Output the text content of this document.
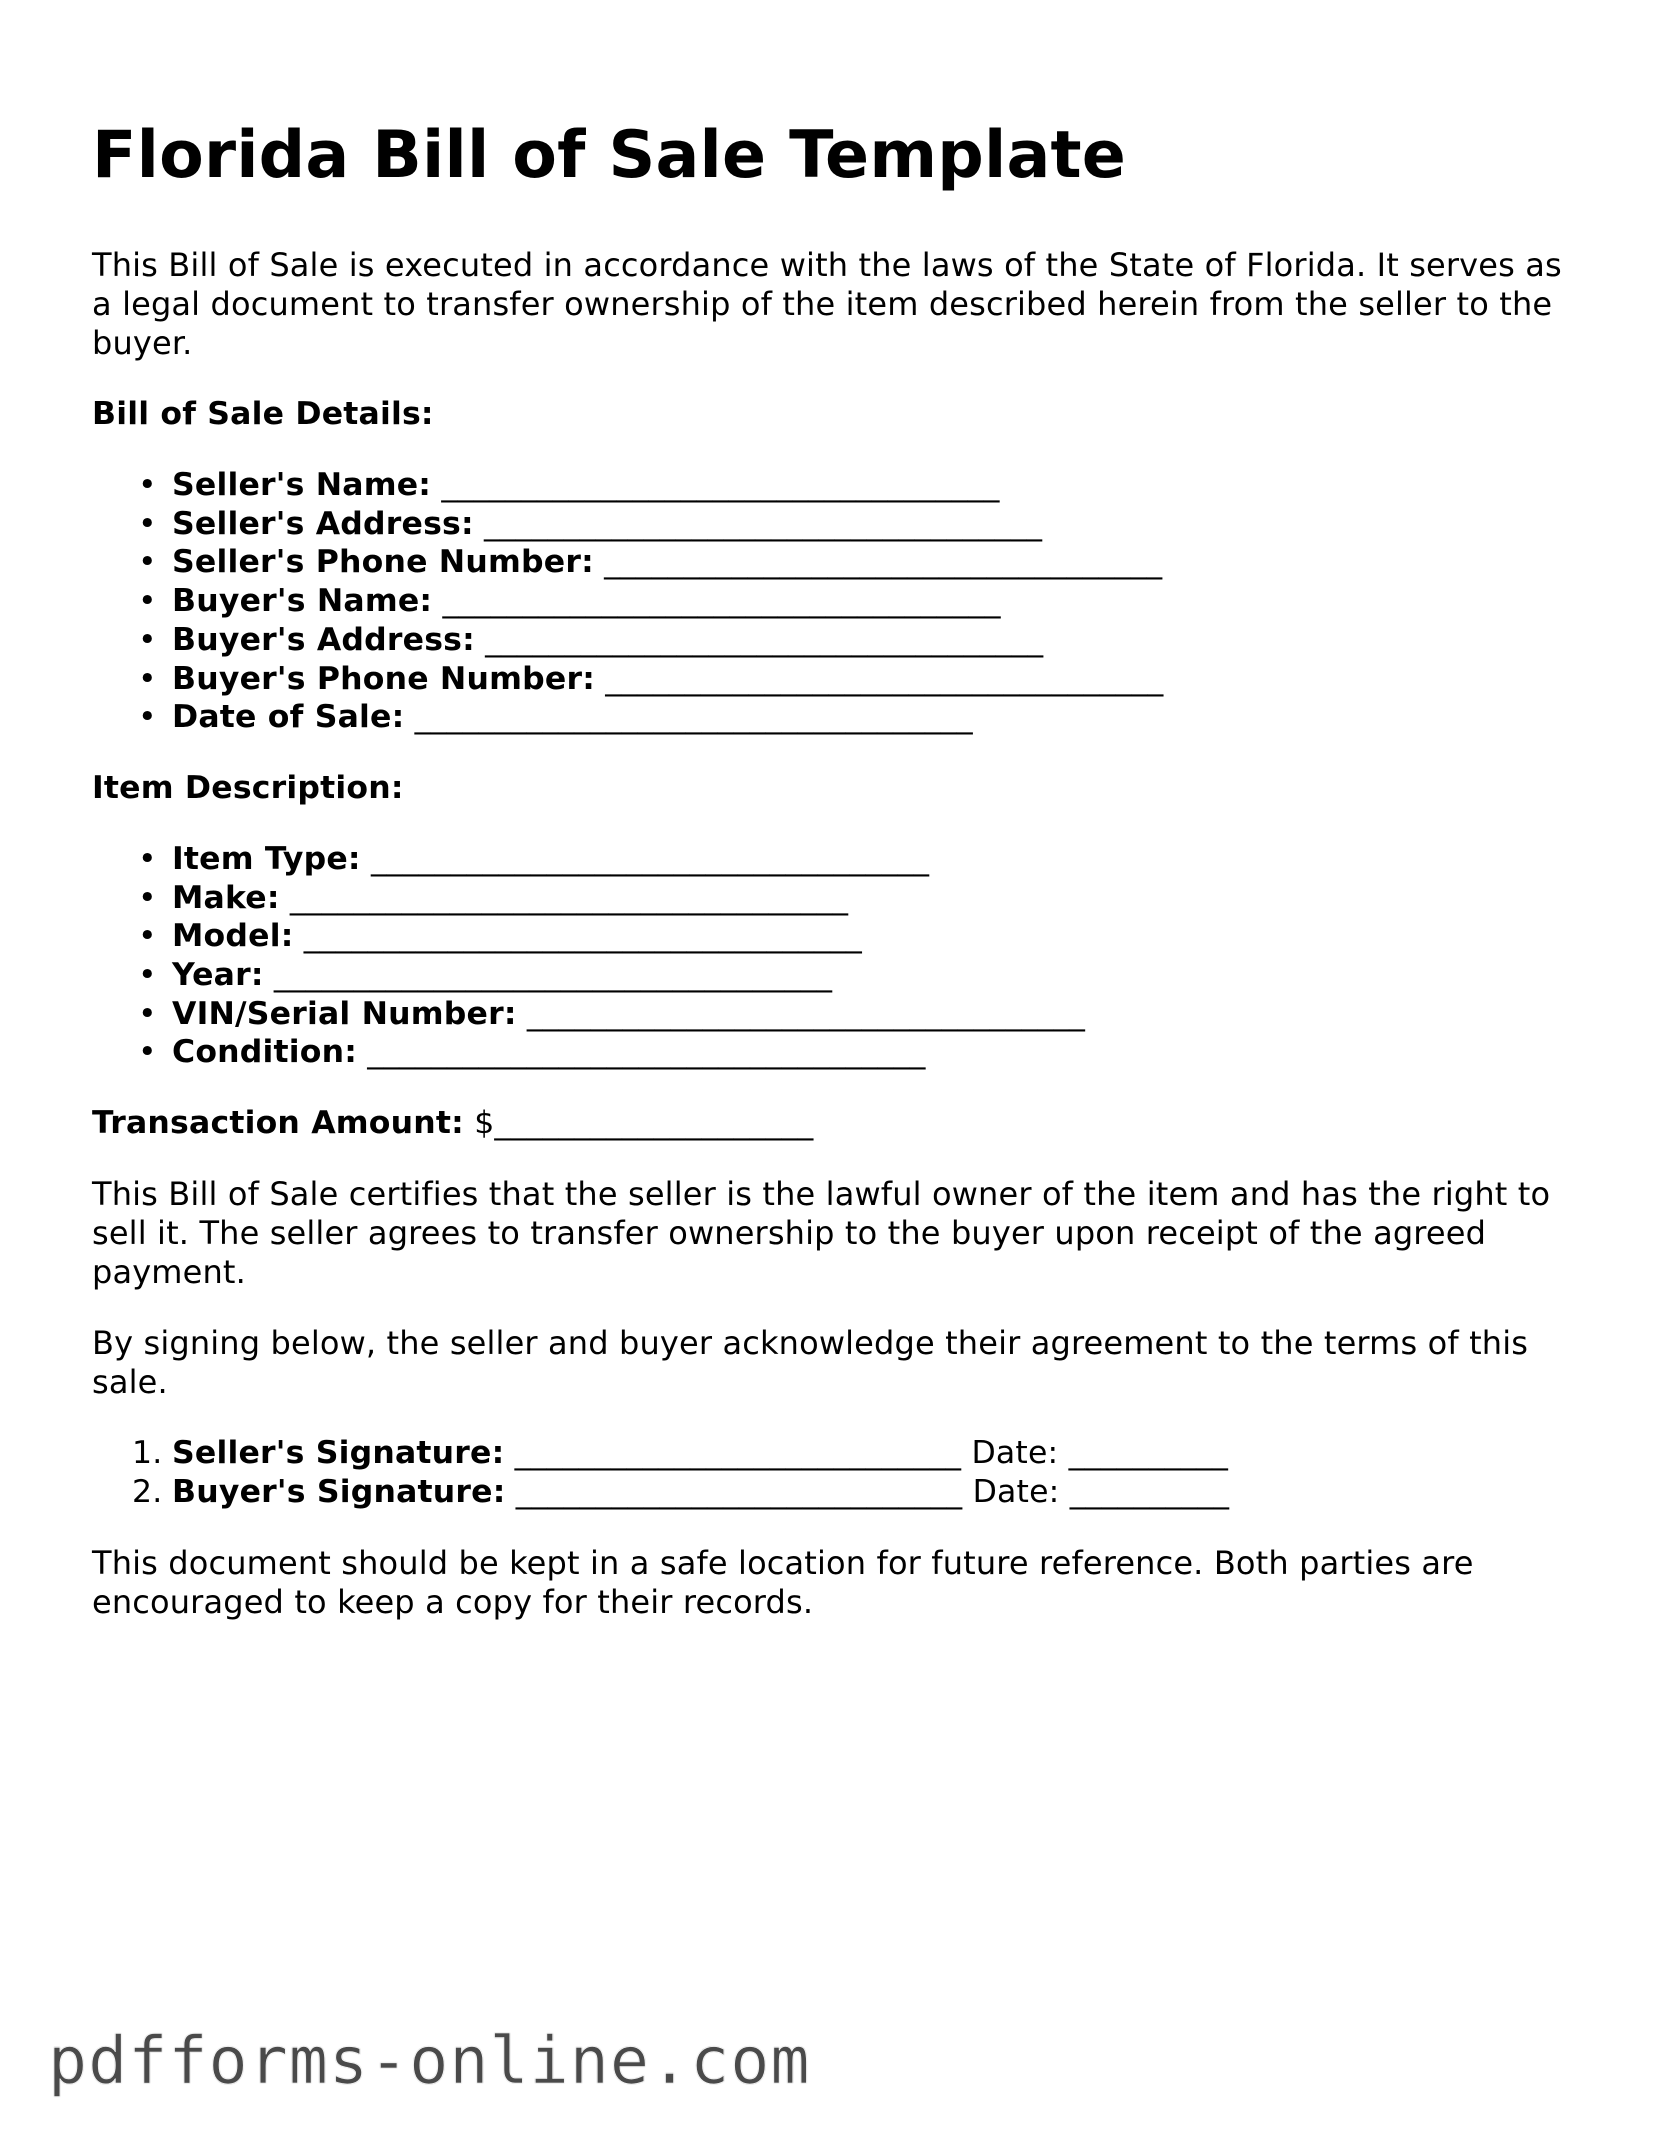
Florida Bill of Sale Template

This Bill of Sale is executed in accordance with the laws of the State of Florida. It serves as a legal document to transfer ownership of the item described herein from the seller to the buyer.

Bill of Sale Details:
• Seller's Name: ___________________________________
• Seller's Address: ___________________________________
• Seller's Phone Number: ___________________________________
• Buyer's Name: ___________________________________
• Buyer's Address: ___________________________________
• Buyer's Phone Number: ___________________________________
• Date of Sale: ___________________________________
Item Description:
• Item Type: ___________________________________
• Make: ___________________________________
• Model: ___________________________________
• Year: ___________________________________
• VIN/Serial Number: ___________________________________
• Condition: ___________________________________
Transaction Amount: $____________________

This Bill of Sale certifies that the seller is the lawful owner of the item and has the right to sell it. The seller agrees to transfer ownership to the buyer upon receipt of the agreed payment.

By signing below, the seller and buyer acknowledge their agreement to the terms of this sale.

1. Seller's Signature: ____________________________ Date: __________
2. Buyer's Signature: ____________________________ Date: __________

This document should be kept in a safe location for future reference. Both parties are encouraged to keep a copy for their records.

pdfforms-online.com
